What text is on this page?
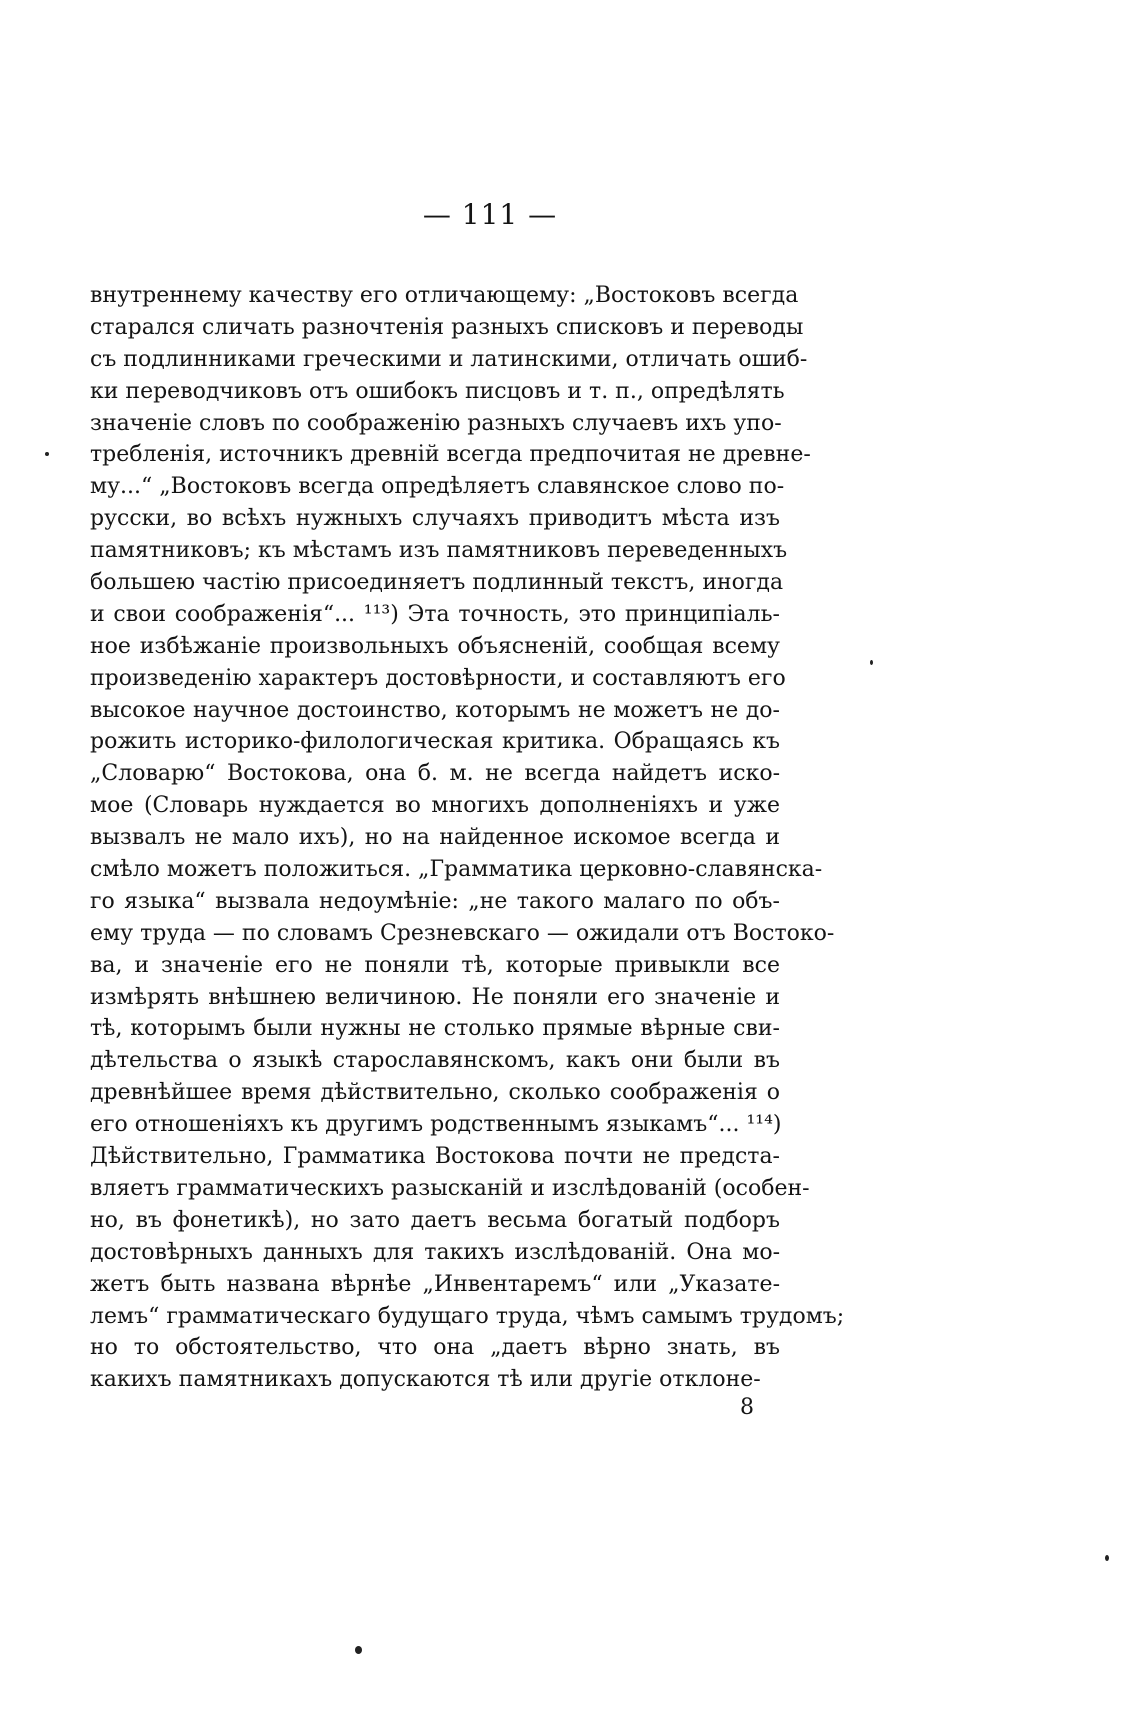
— 111 —
внутреннему качеству его отличающему: „Востоковъ всегда
старался сличать разночтенія разныхъ списковъ и переводы
съ подлинниками греческими и латинскими, отличать ошиб-
ки переводчиковъ отъ ошибокъ писцовъ и т. п., опредѣлять
значеніе словъ по соображенію разныхъ случаевъ ихъ упо-
требленія, источникъ древній всегда предпочитая не древне-
му...“ „Востоковъ всегда опредѣляетъ славянское слово по-
русски, во всѣхъ нужныхъ случаяхъ приводитъ мѣста изъ
памятниковъ; къ мѣстамъ изъ памятниковъ переведенныхъ
большею частію присоединяетъ подлинный текстъ, иногда
и свои соображенія“... ¹¹³) Эта точность, это принципіаль-
ное избѣжаніе произвольныхъ объясненій, сообщая всему
произведенію характеръ достовѣрности, и составляютъ его
высокое научное достоинство, которымъ не можетъ не до-
рожить историко-филологическая критика. Обращаясь къ
„Словарю“ Востокова, она б. м. не всегда найдетъ иско-
мое (Словарь нуждается во многихъ дополненіяхъ и уже
вызвалъ не мало ихъ), но на найденное искомое всегда и
смѣло можетъ положиться. „Грамматика церковно-славянска-
го языка“ вызвала недоумѣніе: „не такого малаго по объ-
ему труда — по словамъ Срезневскаго — ожидали отъ Востоко-
ва, и значеніе его не поняли тѣ, которые привыкли все
измѣрять внѣшнею величиною. Не поняли его значеніе и
тѣ, которымъ были нужны не столько прямые вѣрные сви-
дѣтельства о языкѣ старославянскомъ, какъ они были въ
древнѣйшее время дѣйствительно, сколько соображенія о
его отношеніяхъ къ другимъ родственнымъ языкамъ“... ¹¹⁴)
Дѣйствительно, Грамматика Востокова почти не предста-
вляетъ грамматическихъ разысканій и изслѣдованій (особен-
но, въ фонетикѣ), но зато даетъ весьма богатый подборъ
достовѣрныхъ данныхъ для такихъ изслѣдованій. Она мо-
жетъ быть названа вѣрнѣе „Инвентаремъ“ или „Указате-
лемъ“ грамматическаго будущаго труда, чѣмъ самымъ трудомъ;
но то обстоятельство, что она „даетъ вѣрно знать, въ
какихъ памятникахъ допускаются тѣ или другіе отклоне-
8
